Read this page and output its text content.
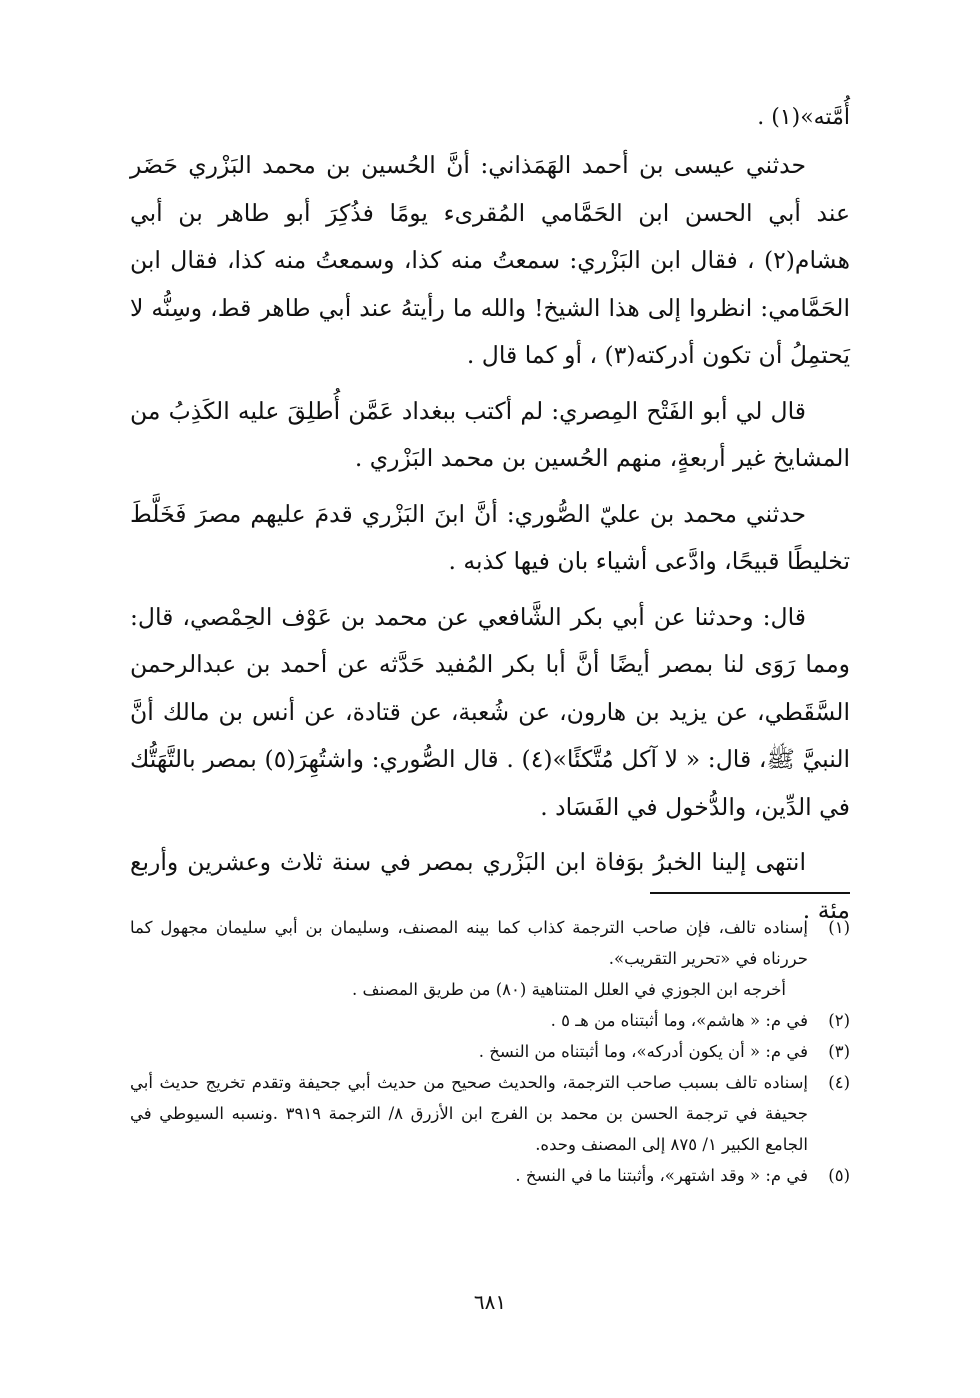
أُمَّته»(١) .

حدثني عيسى بن أحمد الهَمَذاني: أنَّ الحُسين بن محمد البَزْري حَضَر عند أبي الحسن ابن الحَمَّامي المُقرىء يومًا فذُكِرَ أبو طاهر بن أبي هشام(٢) ، فقال ابن البَزْري: سمعتُ منه كذا، وسمعتُ منه كذا، فقال ابن الحَمَّامي: انظروا إلى هذا الشيخ! والله ما رأيتهُ عند أبي طاهر قط، وسِنُّه لا يَحتمِلُ أن تكون أدركته(٣) ، أو كما قال .

قال لي أبو الفَتْح المِصري: لم أكتب ببغداد عَمَّن أُطلِقَ عليه الكَذِبُ من المشايخ غير أربعةٍ، منهم الحُسين بن محمد البَزْري .

حدثني محمد بن عليّ الصُّوري: أنَّ ابنَ البَزْري قدمَ عليهم مصرَ فَخَلَّطَ تخليطًا قبيحًا، وادَّعى أشياء بان فيها كذبه .

قال: وحدثنا عن أبي بكر الشَّافعي عن محمد بن عَوْف الحِمْصي، قال: ومما رَوَى لنا بمصر أيضًا أنَّ أبا بكر المُفيد حَدَّثه عن أحمد بن عبدالرحمن السَّقَطي، عن يزيد بن هارون، عن شُعبة، عن قتادة، عن أنس بن مالك أنَّ النبيَّ ﷺ، قال: « لا آكل مُتَّكئًا»(٤) . قال الصُّوري: واشتُهِرَ(٥) بمصر بالتَّهَتُّك في الدِّين، والدُّخول في الفَسَاد .

انتهى إلينا الخبرُ بوَفاة ابن البَزْري بمصر في سنة ثلاث وعشرين وأربع مئة .

(١)
إسناده تالف، فإن صاحب الترجمة كذاب كما بينه المصنف، وسليمان بن أبي سليمان مجهول كما حررناه في «تحرير التقريب».
أخرجه ابن الجوزي في العلل المتناهية (٨٠) من طريق المصنف .
(٢)
في م: « هاشم»، وما أثبتناه من هـ ٥ .
(٣)
في م: « أن يكون أدركه»، وما أثبتناه من النسخ .
(٤)
إسناده تالف بسبب صاحب الترجمة، والحديث صحيح من حديث أبي جحيفة وتقدم تخريج حديث أبي جحيفة في ترجمة الحسن بن محمد بن الفرج ابن الأزرق ٨/ الترجمة ٣٩١٩ .ونسبه السيوطي في الجامع الكبير ١/ ٨٧٥ إلى المصنف وحده.
(٥)
في م: « وقد اشتهر»، وأثبتنا ما في النسخ .
٦٨١
